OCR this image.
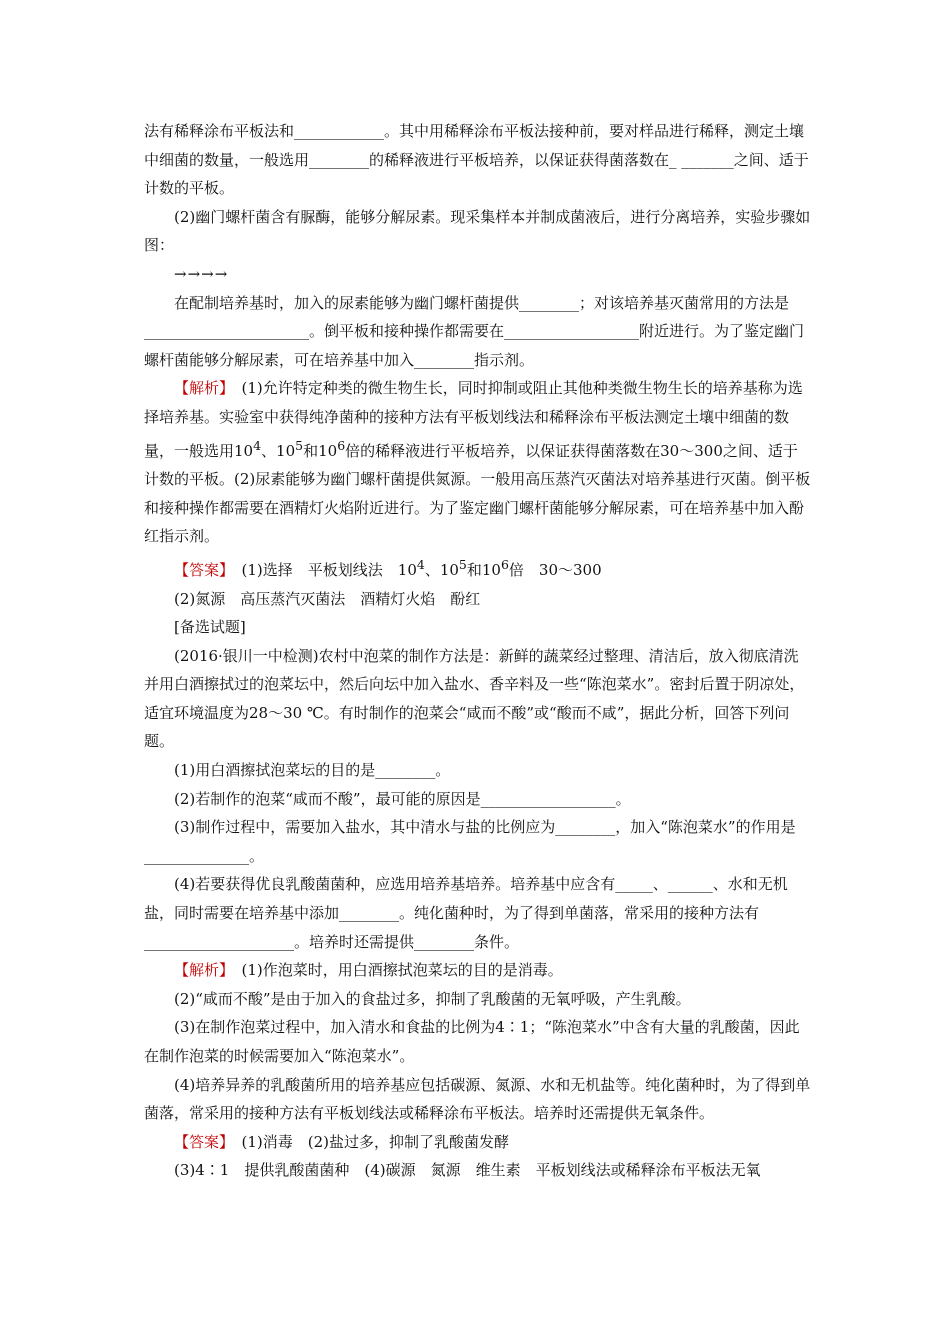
法有稀释涂布平板法和____________。其中用稀释涂布平板法接种前，要对样品进行稀释，测定土壤中细菌的数量，一般选用________的稀释液进行平板培养，以保证获得菌落数在_ _______之间、适于计数的平板。

(2)幽门螺杆菌含有脲酶，能够分解尿素。现采集样本并制成菌液后，进行分离培养，实验步骤如图：

→→→→

在配制培养基时，加入的尿素能够为幽门螺杆菌提供________；对该培养基灭菌常用的方法是______________________。倒平板和接种操作都需要在__________________附近进行。为了鉴定幽门螺杆菌能够分解尿素，可在培养基中加入________指示剂。

【解析】　 (1)允许特定种类的微生物生长，同时抑制或阻止其他种类微生物生长的培养基称为选择培养基。实验室中获得纯净菌种的接种方法有平板划线法和稀释涂布平板法测定土壤中细菌的数量，一般选用$10^4$、$10^5$和$10^6$倍的稀释液进行平板培养，以保证获得菌落数在30～300之间、适于计数的平板。(2)尿素能够为幽门螺杆菌提供氮源。一般用高压蒸汽灭菌法对培养基进行灭菌。倒平板和接种操作都需要在酒精灯火焰附近进行。为了鉴定幽门螺杆菌能够分解尿素，可在培养基中加入酚红指示剂。

【答案】　 (1)选择　平板划线法　$10^4$、$10^5$和$10^6$倍　30～300

(2)氮源　高压蒸汽灭菌法　酒精灯火焰　酚红

[备选试题]

(2016·银川一中检测)农村中泡菜的制作方法是：新鲜的蔬菜经过整理、清洁后，放入彻底清洗并用白酒擦拭过的泡菜坛中，然后向坛中加入盐水、香辛料及一些“陈泡菜水”。密封后置于阴凉处，适宜环境温度为28～30 ℃。有时制作的泡菜会“咸而不酸”或“酸而不咸”，据此分析，回答下列问题。

(1)用白酒擦拭泡菜坛的目的是________。

(2)若制作的泡菜“咸而不酸”，最可能的原因是__________________。

(3)制作过程中，需要加入盐水，其中清水与盐的比例应为________，加入“陈泡菜水”的作用是______________。

(4)若要获得优良乳酸菌菌种，应选用培养基培养。培养基中应含有_____、______、水和无机盐，同时需要在培养基中添加________。纯化菌种时，为了得到单菌落，常采用的接种方法有____________________。培养时还需提供________条件。

【解析】　 (1)作泡菜时，用白酒擦拭泡菜坛的目的是消毒。

(2)“咸而不酸”是由于加入的食盐过多，抑制了乳酸菌的无氧呼吸，产生乳酸。

(3)在制作泡菜过程中，加入清水和食盐的比例为4∶1；“陈泡菜水”中含有大量的乳酸菌，因此在制作泡菜的时候需要加入“陈泡菜水”。

(4)培养异养的乳酸菌所用的培养基应包括碳源、氮源、水和无机盐等。纯化菌种时，为了得到单菌落，常采用的接种方法有平板划线法或稀释涂布平板法。培养时还需提供无氧条件。

【答案】　 (1)消毒　(2)盐过多，抑制了乳酸菌发酵

(3)4∶1　提供乳酸菌菌种　(4)碳源　氮源　维生素　平板划线法或稀释涂布平板法无氧
